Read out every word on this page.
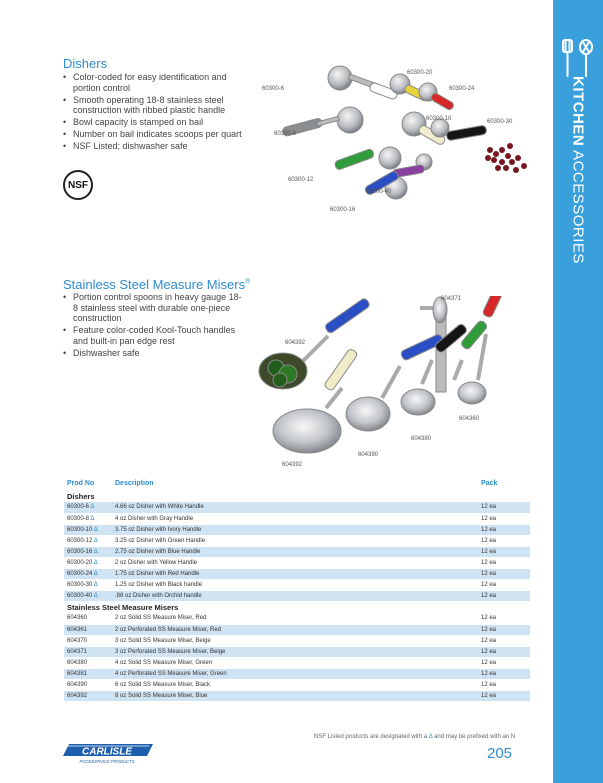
KITCHEN ACCESSORIES
Dishers
• Color-coded for easy identification and portion control
• Smooth operating 18-8 stainless steel construction with ribbed plastic handle
• Bowl capacity is stamped on bail
• Number on bail indicates scoops per quart
• NSF Listed; dishwasher safe
NSF
60300-6
60300-20
60300-24
60300-8
60300-10	60300-30
60300-12
60300-40
60300-16
Stainless Steel Measure Misers®
• Portion control spoons in heavy gauge 18-8 stainless steel with durable one-piece construction
• Feature color-coded Kool-Touch handles and built-in pan edge rest
• Dishwasher safe
604371
604392
604360
604380
604390
604392
Prod No	Description	Pack
Dishers		
60300-6 Δ	4.66 oz Disher with White Handle	12 ea
60300-8 Δ	4 oz Disher with Gray Handle	12 ea
60300-10 Δ	3.75 oz Disher with Ivory Handle	12 ea
60300-12 Δ	3.25 oz Disher with Green Handle	12 ea
60300-16 Δ	2.75 oz Disher with Blue Handle	12 ea
60300-20 Δ	2 oz Disher with Yellow Handle	12 ea
60300-24 Δ	1.75 oz Disher with Red Handle	12 ea
60300-30 Δ	1.25 oz Disher with Black handle	12 ea
60300-40 Δ	.88 oz Disher with Orchid handle	12 ea
Stainless Steel Measure Misers		
604360	2 oz Solid SS Measure Miser, Red	12 ea
604361	2 oz Perforated SS Measure Miser, Red	12 ea
604370	3 oz Solid SS Measure Miser, Beige	12 ea
604371	3 oz Perforated SS Measure Miser, Beige	12 ea
604380	4 oz Solid SS Measure Miser, Green	12 ea
604381	4 oz Perforated SS Measure Miser, Green	12 ea
604390	6 oz Solid SS Measure Miser, Black	12 ea
604392	8 oz Solid SS Measure Miser, Blue	12 ea
NSF Listed products are designated with a Δ and may be prefixed with an N
205
CARLISLE
FOODSERVICE PRODUCTS
